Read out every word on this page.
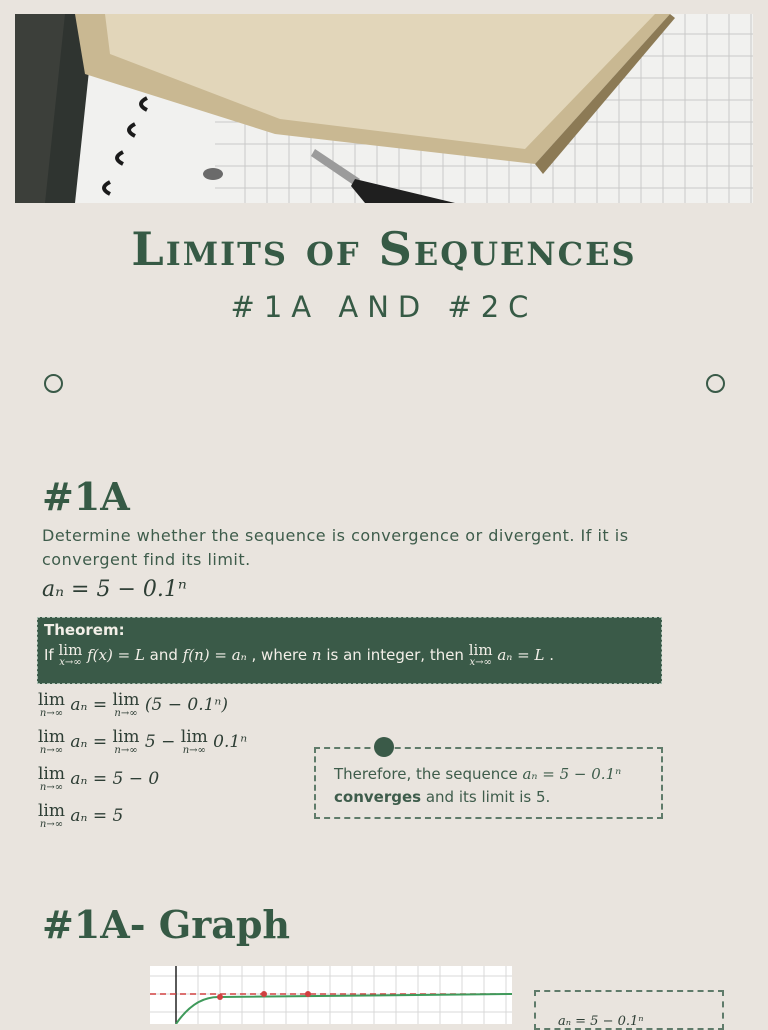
Limits of Sequences
#1A AND #2C
#1A
Determine whether the sequence is convergence or divergent. If it is convergent find its limit.
aₙ = 5 − 0.1ⁿ
Theorem:
If lim
x→∞ f(x) = L and f(n) = aₙ , where n is an integer, then lim
x→∞ aₙ = L .
lim
n→∞ aₙ = lim
n→∞ (5 − 0.1ⁿ)
lim
n→∞ aₙ = lim
n→∞ 5 − lim
n→∞ 0.1ⁿ
lim
n→∞ aₙ = 5 − 0
lim
n→∞ aₙ = 5
Therefore, the sequence aₙ = 5 − 0.1ⁿ
converges and its limit is 5.
#1A- Graph
aₙ = 5 − 0.1ⁿ
